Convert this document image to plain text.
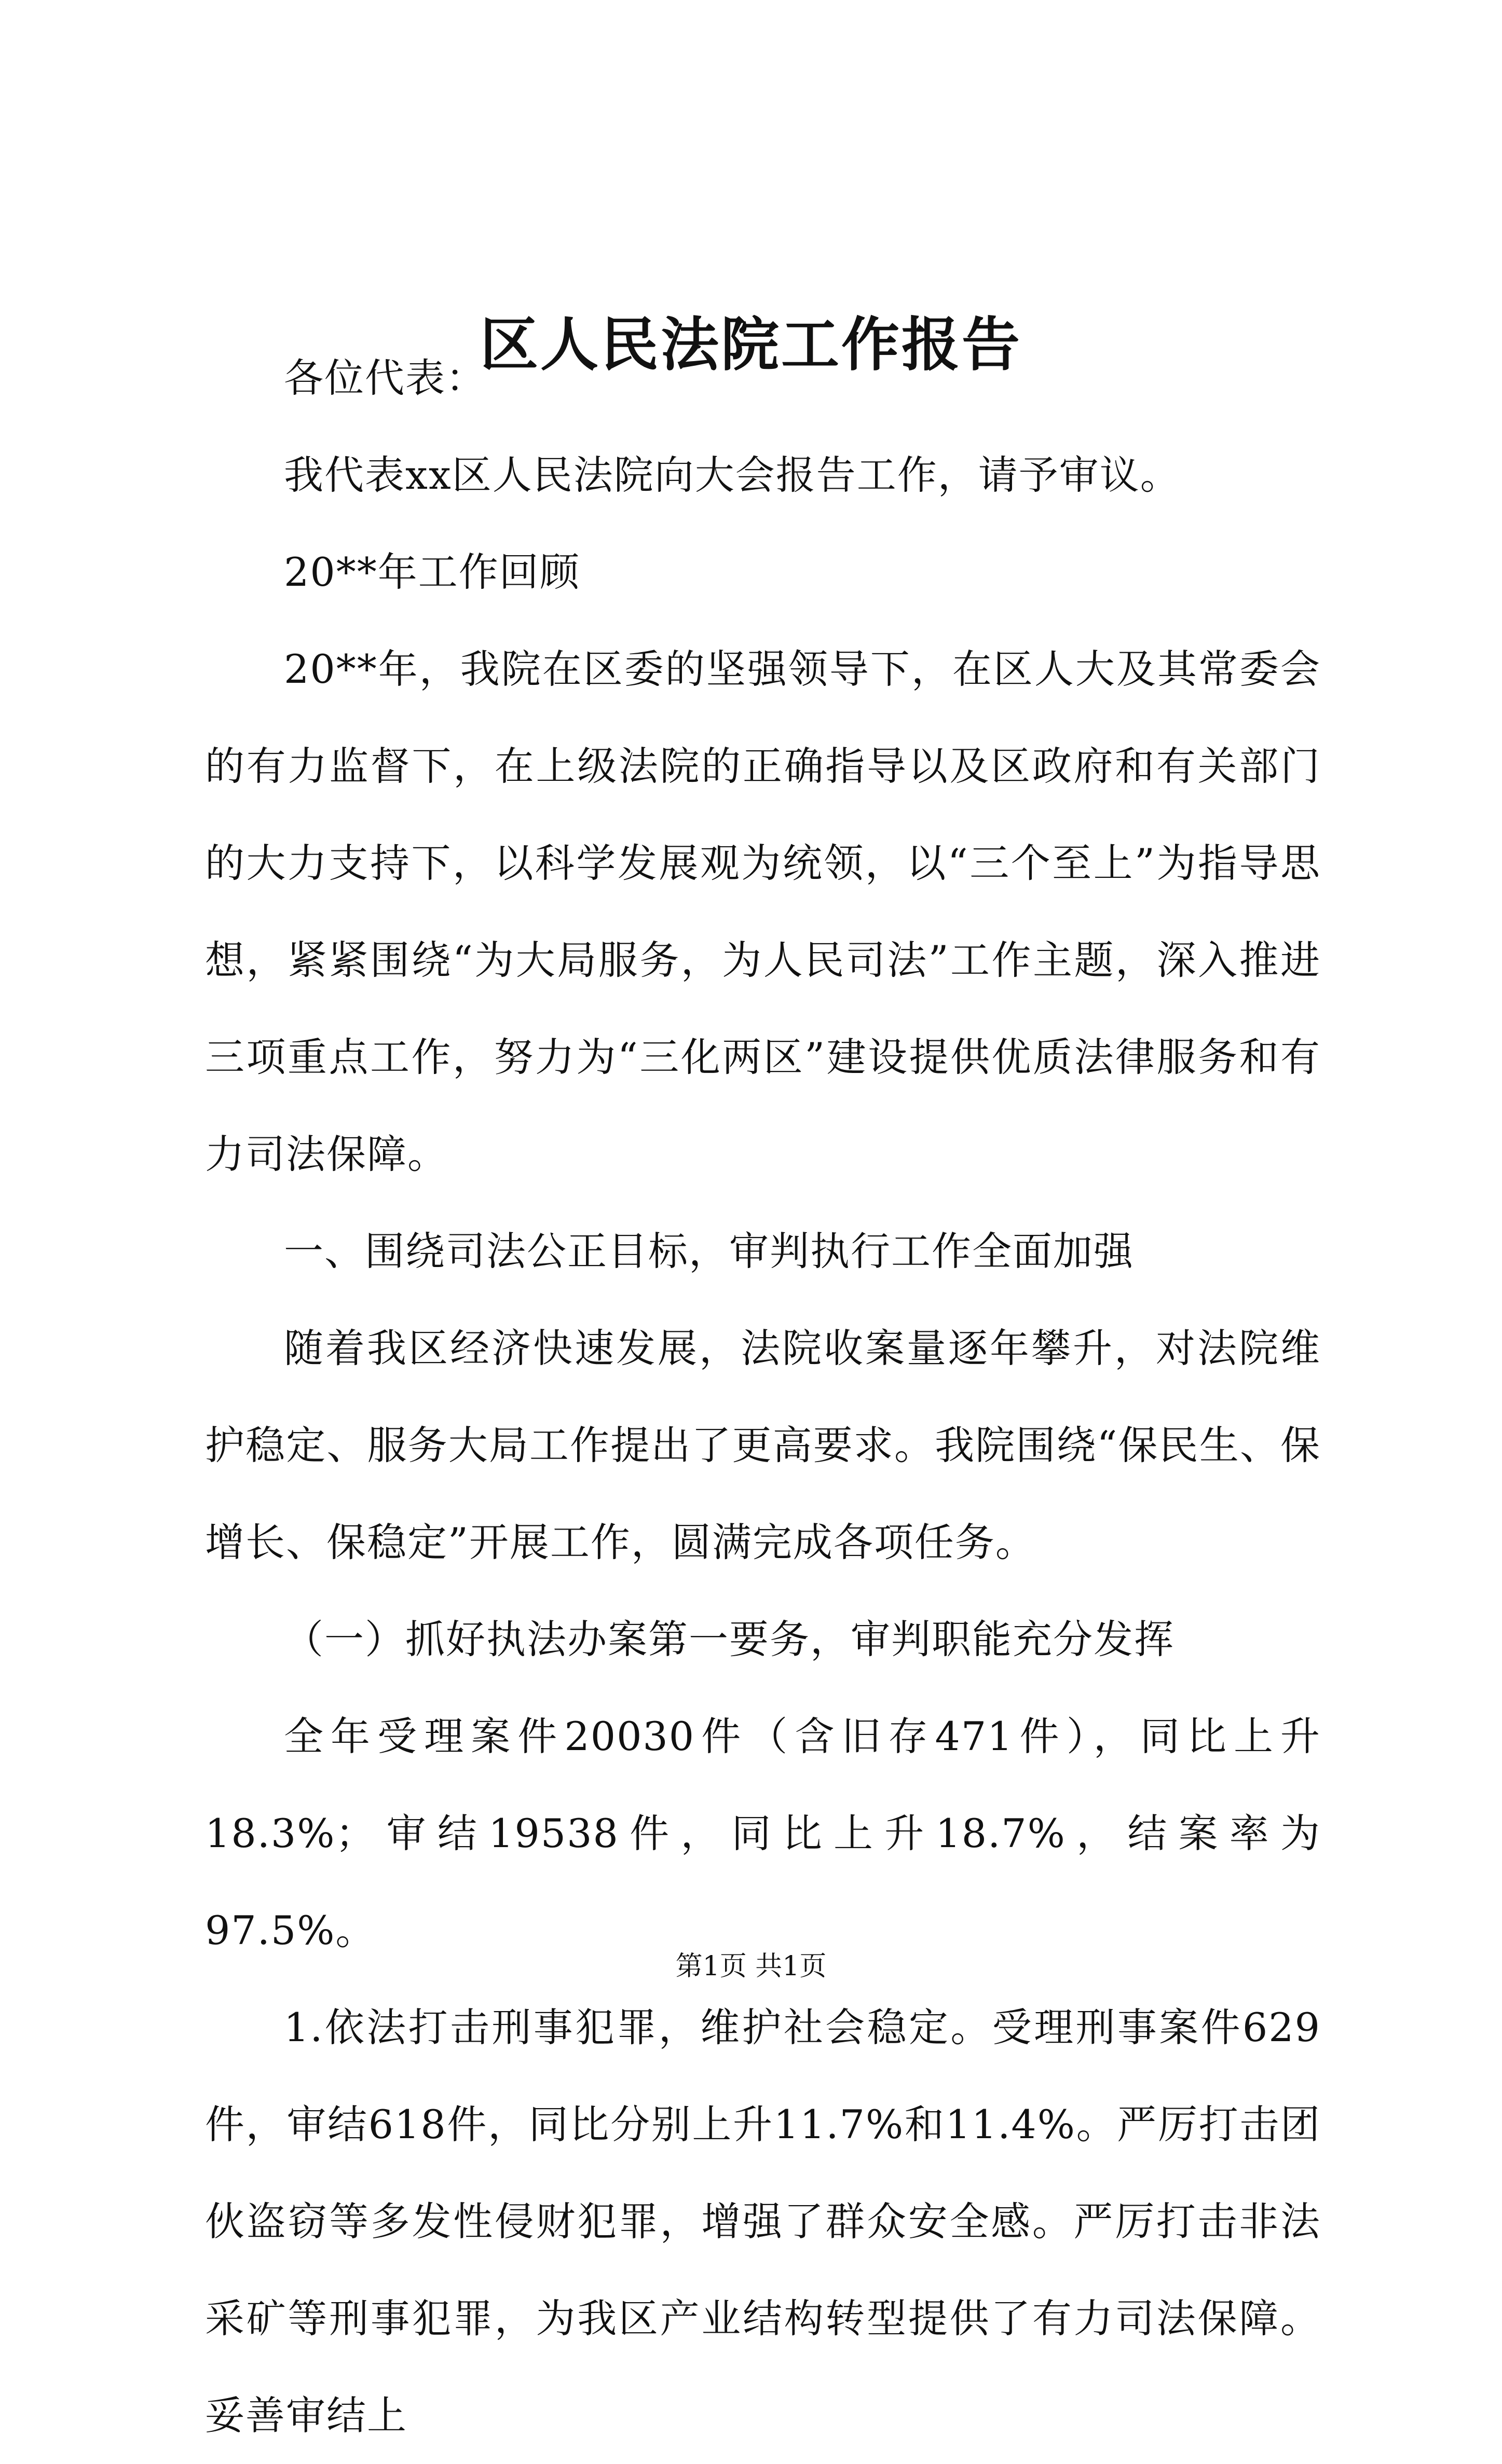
区人民法院工作报告

各位代表：

我代表xx区人民法院向大会报告工作，请予审议。

20**年工作回顾

20**年，我院在区委的坚强领导下，在区人大及其常委会的有力监督下，在上级法院的正确指导以及区政府和有关部门的大力支持下，以科学发展观为统领，以“三个至上”为指导思想，紧紧围绕“为大局服务，为人民司法”工作主题，深入推进三项重点工作，努力为“三化两区”建设提供优质法律服务和有力司法保障。

一、围绕司法公正目标，审判执行工作全面加强

随着我区经济快速发展，法院收案量逐年攀升，对法院维护稳定、服务大局工作提出了更高要求。我院围绕“保民生、保增长、保稳定”开展工作，圆满完成各项任务。

（一）抓好执法办案第一要务，审判职能充分发挥

全年受理案件20030件（含旧存471件），同比上升18.3%；审结19538件，同比上升18.7%，结案率为97.5%。

1.依法打击刑事犯罪，维护社会稳定。受理刑事案件629件，审结618件，同比分别上升11.7%和11.4%。严厉打击团伙盗窃等多发性侵财犯罪，增强了群众安全感。严厉打击非法采矿等刑事犯罪，为我区产业结构转型提供了有力司法保障。妥善审结上

第1页 共1页
